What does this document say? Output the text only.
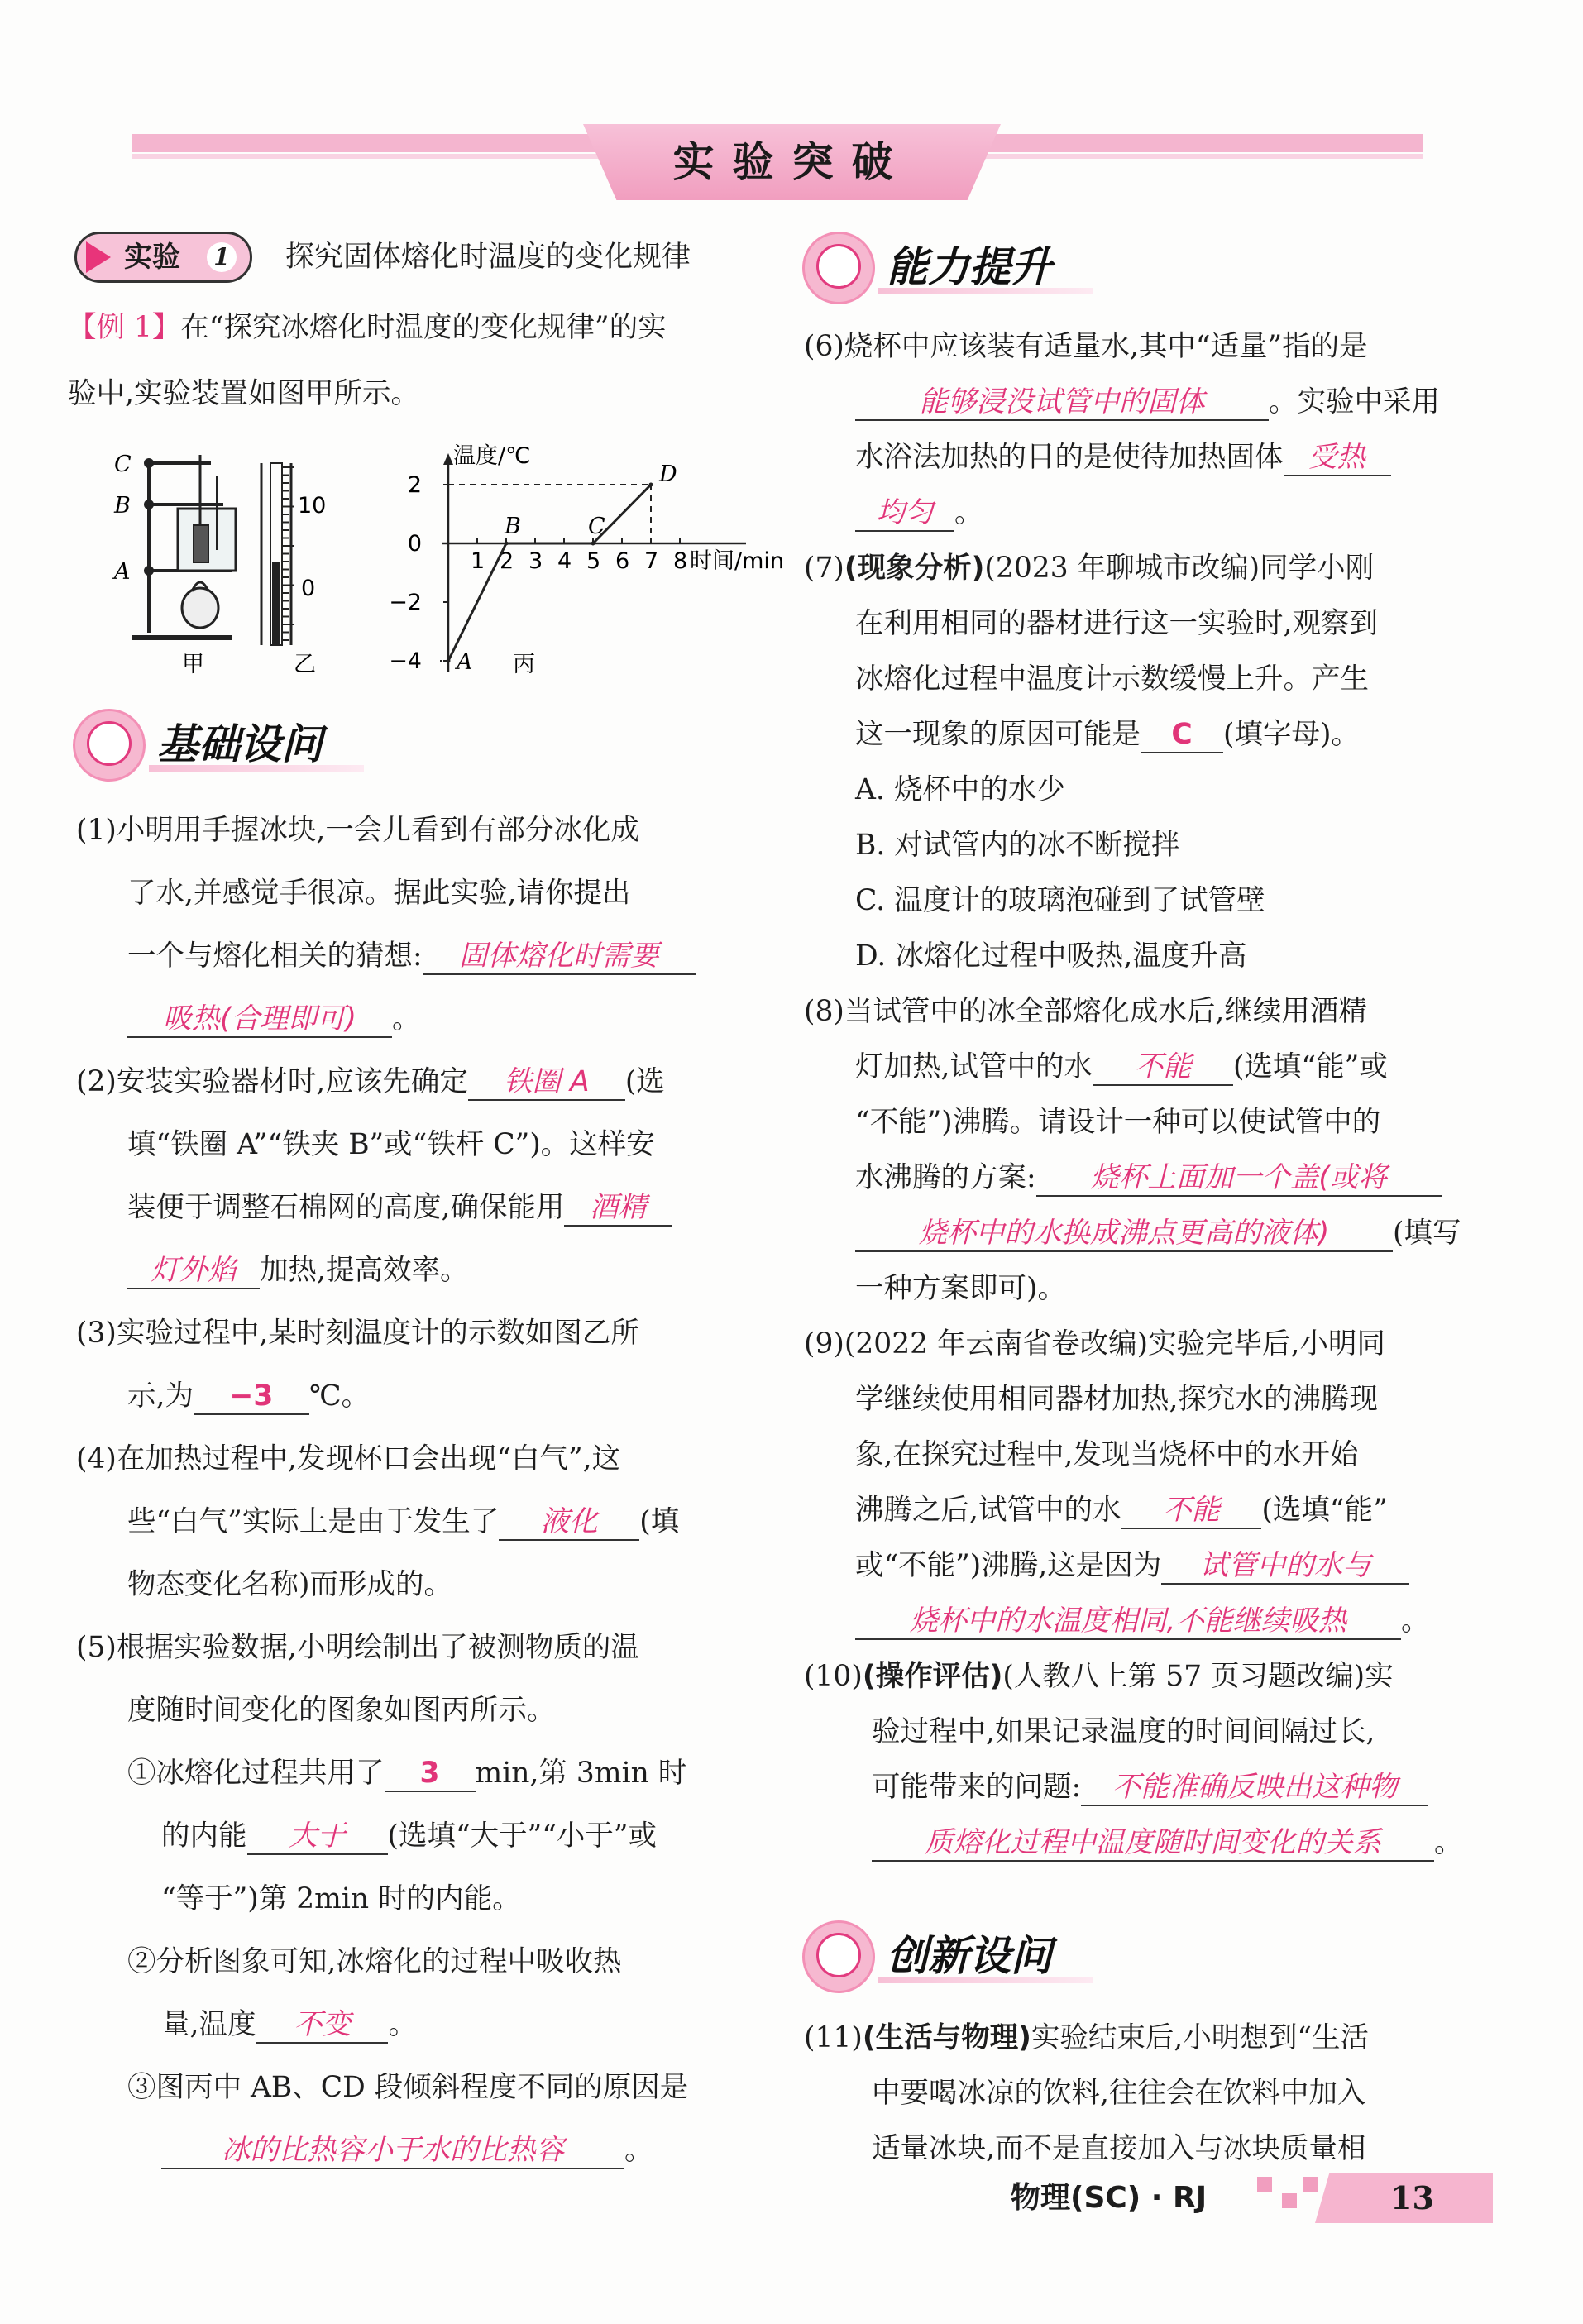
实验突破
实验 1 探究固体熔化时温度的变化规律
【例 1】在“探究冰熔化时温度的变化规律”的实
验中,实验装置如图甲所示。
C
B
A
甲
10
0
乙
温度/℃
时间/min
2
0
−2
−4
1 2 3 4 5 6 7 8
A
B	C
D
丙
基础设问
(1)小明用手握冰块,一会儿看到有部分冰化成
了水,并感觉手很凉。据此实验,请你提出
一个与熔化相关的猜想: 固体熔化时需要
吸热(合理即可) 。
(2)安装实验器材时,应该先确定 铁圈 A (选
填“铁圈 A”“铁夹 B”或“铁杆 C”)。这样安
装便于调整石棉网的高度,确保能用 酒精
灯外焰 加热,提高效率。
(3)实验过程中,某时刻温度计的示数如图乙所
示,为 −3 ℃。
(4)在加热过程中,发现杯口会出现“白气”,这
些“白气”实际上是由于发生了 液化 (填
物态变化名称)而形成的。
(5)根据实验数据,小明绘制出了被测物质的温
度随时间变化的图象如图丙所示。
①冰熔化过程共用了 3 min,第 3min 时
的内能 大于 (选填“大于”“小于”或
“等于”)第 2min 时的内能。
②分析图象可知,冰熔化的过程中吸收热
量,温度 不变 。
③图丙中 AB、CD 段倾斜程度不同的原因是
冰的比热容小于水的比热容 。
能力提升
(6)烧杯中应该装有适量水,其中“适量”指的是
能够浸没试管中的固体 。实验中采用
水浴法加热的目的是使待加热固体 受热
均匀 。
(7)(现象分析)(2023 年聊城市改编)同学小刚
在利用相同的器材进行这一实验时,观察到
冰熔化过程中温度计示数缓慢上升。产生
这一现象的原因可能是 C (填字母)。
A. 烧杯中的水少
B. 对试管内的冰不断搅拌
C. 温度计的玻璃泡碰到了试管壁
D. 冰熔化过程中吸热,温度升高
(8)当试管中的冰全部熔化成水后,继续用酒精
灯加热,试管中的水 不能 (选填“能”或
“不能”)沸腾。请设计一种可以使试管中的
水沸腾的方案: 烧杯上面加一个盖(或将
烧杯中的水换成沸点更高的液体) (填写
一种方案即可)。
(9)(2022 年云南省卷改编)实验完毕后,小明同
学继续使用相同器材加热,探究水的沸腾现
象,在探究过程中,发现当烧杯中的水开始
沸腾之后,试管中的水 不能 (选填“能”
或“不能”)沸腾,这是因为 试管中的水与
烧杯中的水温度相同,不能继续吸热 。
(10)(操作评估)(人教八上第 57 页习题改编)实
验过程中,如果记录温度的时间间隔过长,
可能带来的问题: 不能准确反映出这种物
质熔化过程中温度随时间变化的关系 。
创新设问
(11)(生活与物理)实验结束后,小明想到“生活
中要喝冰凉的饮料,往往会在饮料中加入
适量冰块,而不是直接加入与冰块质量相
物理(SC) · RJ	13
